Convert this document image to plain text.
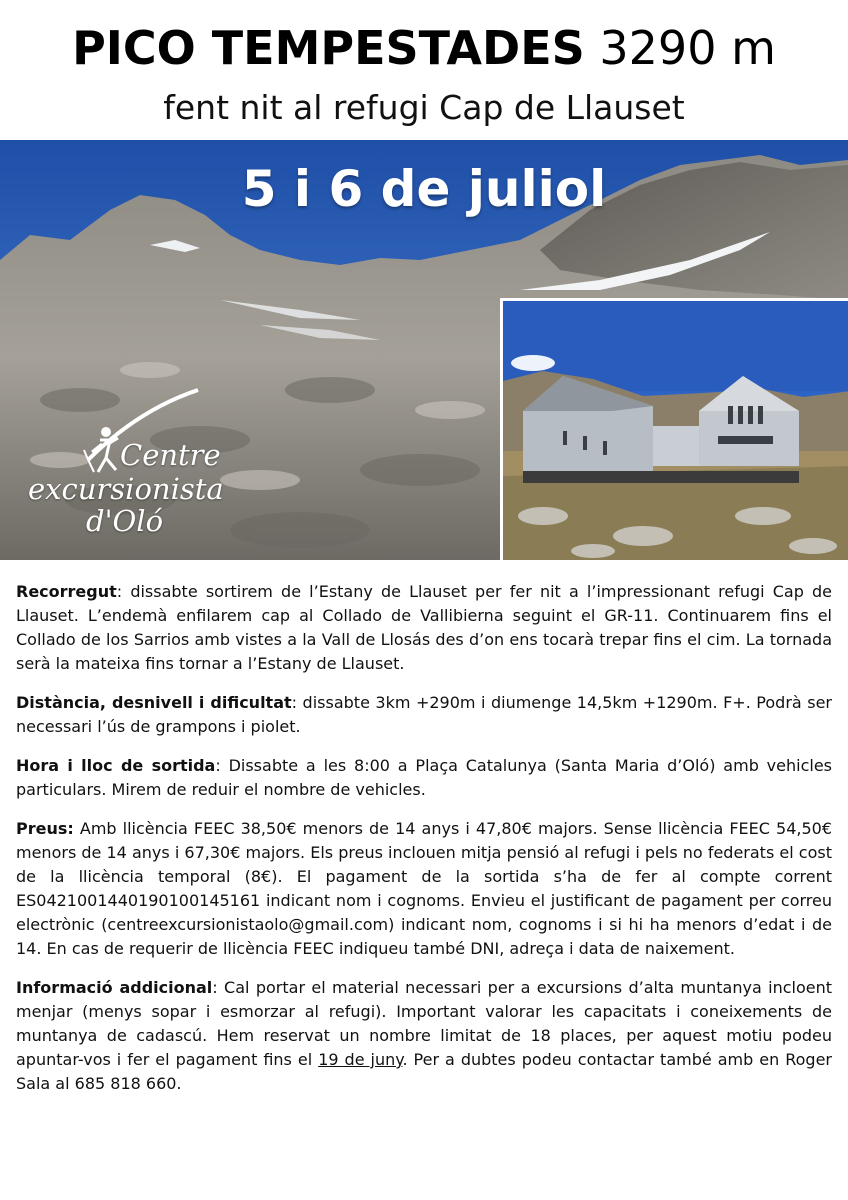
PICO TEMPESTADES 3290 m
fent nit al refugi Cap de Llauset
5 i 6 de juliol
Centre
excursionista
d'Oló

Recorregut: dissabte sortirem de l’Estany de Llauset per fer nit a l’impressionant refugi Cap de Llauset. L’endemà enfilarem cap al Collado de Vallibierna seguint el GR-11. Continuarem fins el Collado de los Sarrios amb vistes a la Vall de Llosás des d’on ens tocarà trepar fins el cim. La tornada serà la mateixa fins tornar a l’Estany de Llauset.

Distància, desnivell i dificultat: dissabte 3km +290m i diumenge 14,5km +1290m. F+. Podrà ser necessari l’ús de grampons i piolet.

Hora i lloc de sortida: Dissabte a les 8:00 a Plaça Catalunya (Santa Maria d’Oló) amb vehicles particulars. Mirem de reduir el nombre de vehicles.

Preus: Amb llicència FEEC 38,50€ menors de 14 anys i 47,80€ majors. Sense llicència FEEC 54,50€ menors de 14 anys i 67,30€ majors. Els preus inclouen mitja pensió al refugi i pels no federats el cost de la llicència temporal (8€). El pagament de la sortida s’ha de fer al compte corrent ES0421001440190100145161 indicant nom i cognoms. Envieu el justificant de pagament per correu electrònic (centreexcursionistaolo@gmail.com) indicant nom, cognoms i si hi ha menors d’edat i de 14. En cas de requerir de llicència FEEC indiqueu també DNI, adreça i data de naixement.

Informació addicional: Cal portar el material necessari per a excursions d’alta muntanya incloent menjar (menys sopar i esmorzar al refugi). Important valorar les capacitats i coneixements de muntanya de cadascú. Hem reservat un nombre limitat de 18 places, per aquest motiu podeu apuntar-vos i fer el pagament fins el 19 de juny. Per a dubtes podeu contactar també amb en Roger Sala al 685 818 660.
